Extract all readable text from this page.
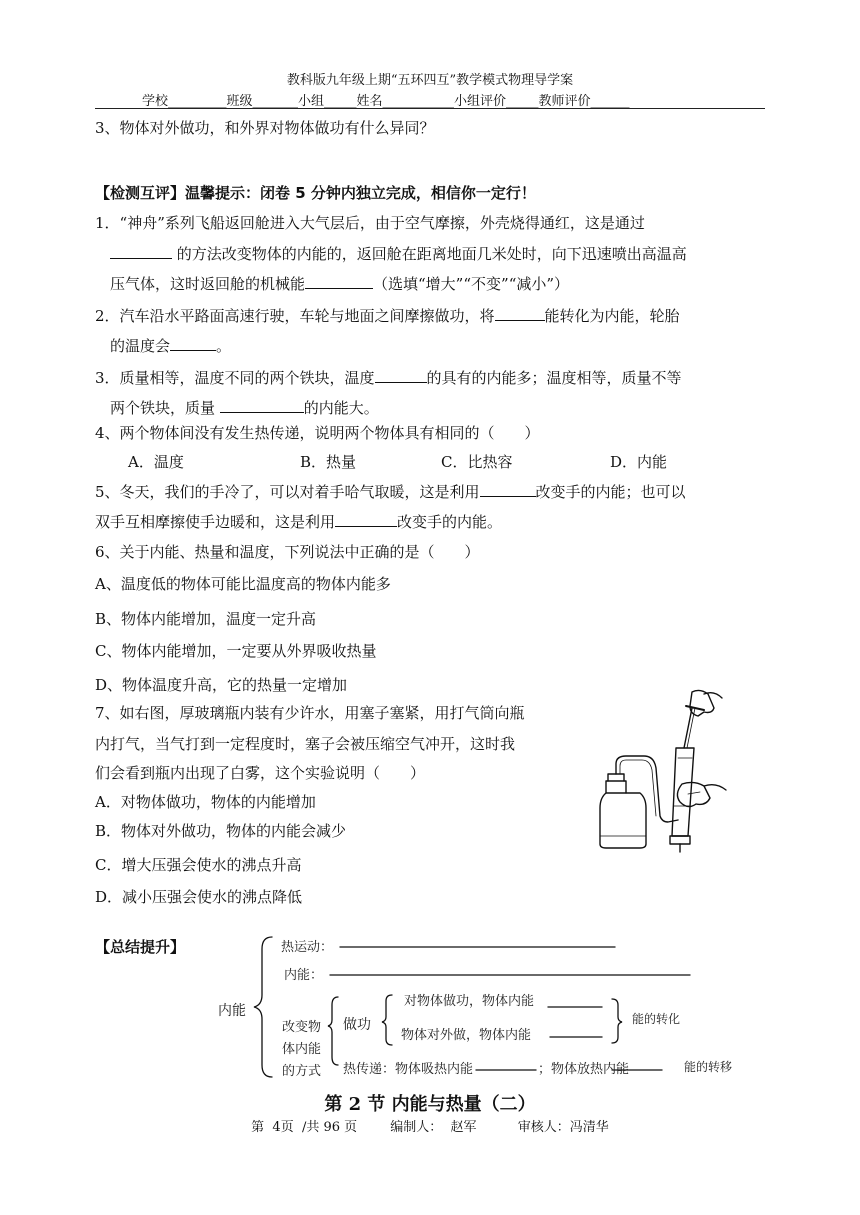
教科版九年级上期“五环四互”教学模式物理导学案
学校_________班级_______小组_____姓名___________小组评价_____教师评价______
3、物体对外做功，和外界对物体做功有什么异同？
【检测互评】温馨提示：闭卷 5 分钟内独立完成，相信你一定行！
1．“神舟”系列飞船返回舱进入大气层后，由于空气摩擦，外壳烧得通红，这是通过
的方法改变物体的内能的，返回舱在距离地面几米处时，向下迅速喷出高温高
压气体，这时返回舱的机械能	（选填“增大”“不变”“减小”）
2．汽车沿水平路面高速行驶，车轮与地面之间摩擦做功，将	能转化为内能，轮胎
的温度会	。
3．质量相等，温度不同的两个铁块，温度	的具有的内能多；温度相等，质量不等
两个铁块，质量	的内能大。
4、两个物体间没有发生热传递，说明两个物体具有相同的（　　）
A．温度	B．热量	C．比热容	D．内能
5、冬天，我们的手冷了，可以对着手哈气取暖，这是利用	改变手的内能；也可以
双手互相摩擦使手边暖和，这是利用	改变手的内能。
6、关于内能、热量和温度，下列说法中正确的是（　　）
A、温度低的物体可能比温度高的物体内能多
B、物体内能增加，温度一定升高
C、物体内能增加，一定要从外界吸收热量
D、物体温度升高，它的热量一定增加
7、如右图，厚玻璃瓶内装有少许水，用塞子塞紧，用打气筒向瓶
内打气，当气打到一定程度时，塞子会被压缩空气冲开，这时我
们会看到瓶内出现了白雾，这个实验说明（　　）
A．对物体做功，物体的内能增加
B．物体对外做功，物体的内能会减少
C．增大压强会使水的沸点升高
D．减小压强会使水的沸点降低
【总结提升】	热运动：
内能：
内能
改变物
体内能
的方式
做功
对物体做功，物体内能
物体对外做，物体内能
能的转化
热传递：物体吸热内能	；物体放热内能	能的转移
第 2 节 内能与热量（二）
第  4页  /共 96 页        编制人：  赵军          审核人：冯清华
